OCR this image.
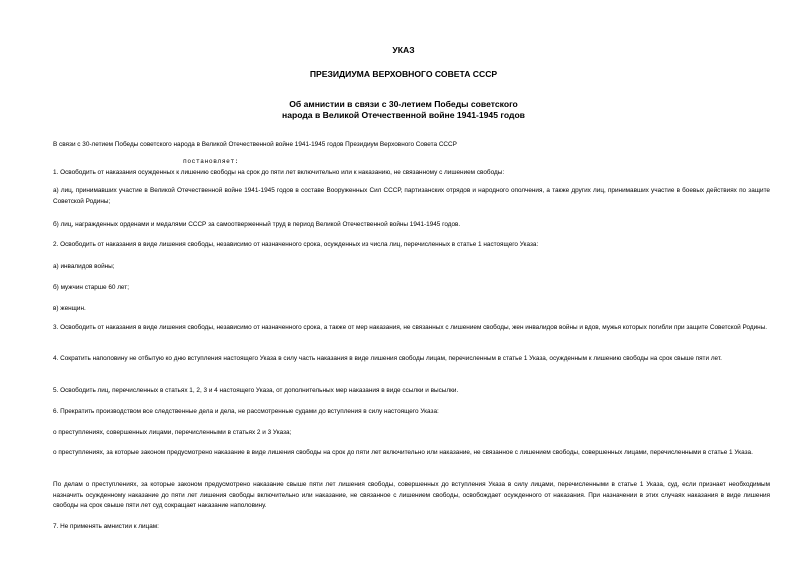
УКАЗ
ПРЕЗИДИУМА ВЕРХОВНОГО СОВЕТА СССР
Об амнистии в связи с 30-летием Победы советского
народа в Великой Отечественной войне 1941-1945 годов

В связи с 30-летием Победы советского народа в Великой Отечественной войне 1941-1945 годов Президиум Верховного Совета СССР

постановляет:

1. Освободить от наказания осужденных к лишению свободы на срок до пяти лет включительно или к наказанию, не связанному с лишением свободы:

а) лиц, принимавших участие в Великой Отечественной войне 1941-1945 годов в составе Вооруженных Сил СССР, партизанских отрядов и народного ополчения, а также других лиц, принимавших участие в боевых действиях по защите Советской Родины;

б) лиц, награжденных орденами и медалями СССР за самоотверженный труд в период Великой Отечественной войны 1941-1945 годов.

2. Освободить от наказания в виде лишения свободы, независимо от назначенного срока, осужденных из числа лиц, перечисленных в статье 1 настоящего Указа:

а) инвалидов войны;

б) мужчин старше 60 лет;

в) женщин.

3. Освободить от наказания в виде лишения свободы, независимо от назначенного срока, а также от мер наказания, не связанных с лишением свободы, жен инвалидов войны и вдов, мужья которых погибли при защите Советской Родины.

4. Сократить наполовину не отбытую ко дню вступления настоящего Указа в силу часть наказания в виде лишения свободы лицам, перечисленным в статье 1 Указа, осужденным к лишению свободы на срок свыше пяти лет.

5. Освободить лиц, перечисленных в статьях 1, 2, 3 и 4 настоящего Указа, от дополнительных мер наказания в виде ссылки и высылки.

6. Прекратить производством все следственные дела и дела, не рассмотренные судами до вступления в силу настоящего Указа:

о преступлениях, совершенных лицами, перечисленными в статьях 2 и 3 Указа;

о преступлениях, за которые законом предусмотрено наказание в виде лишения свободы на срок до пяти лет включительно или наказание, не связанное с лишением свободы, совершенных лицами, перечисленными в статье 1 Указа.

По делам о преступлениях, за которые законом предусмотрено наказание свыше пяти лет лишения свободы, совершенных до вступления Указа в силу лицами, перечисленными в статье 1 Указа, суд, если признает необходимым назначить осужденному наказание до пяти лет лишения свободы включительно или наказание, не связанное с лишением свободы, освобождает осужденного от наказания. При назначении в этих случаях наказания в виде лишения свободы на срок свыше пяти лет суд сокращает наказание наполовину.

7. Не применять амнистии к лицам:
